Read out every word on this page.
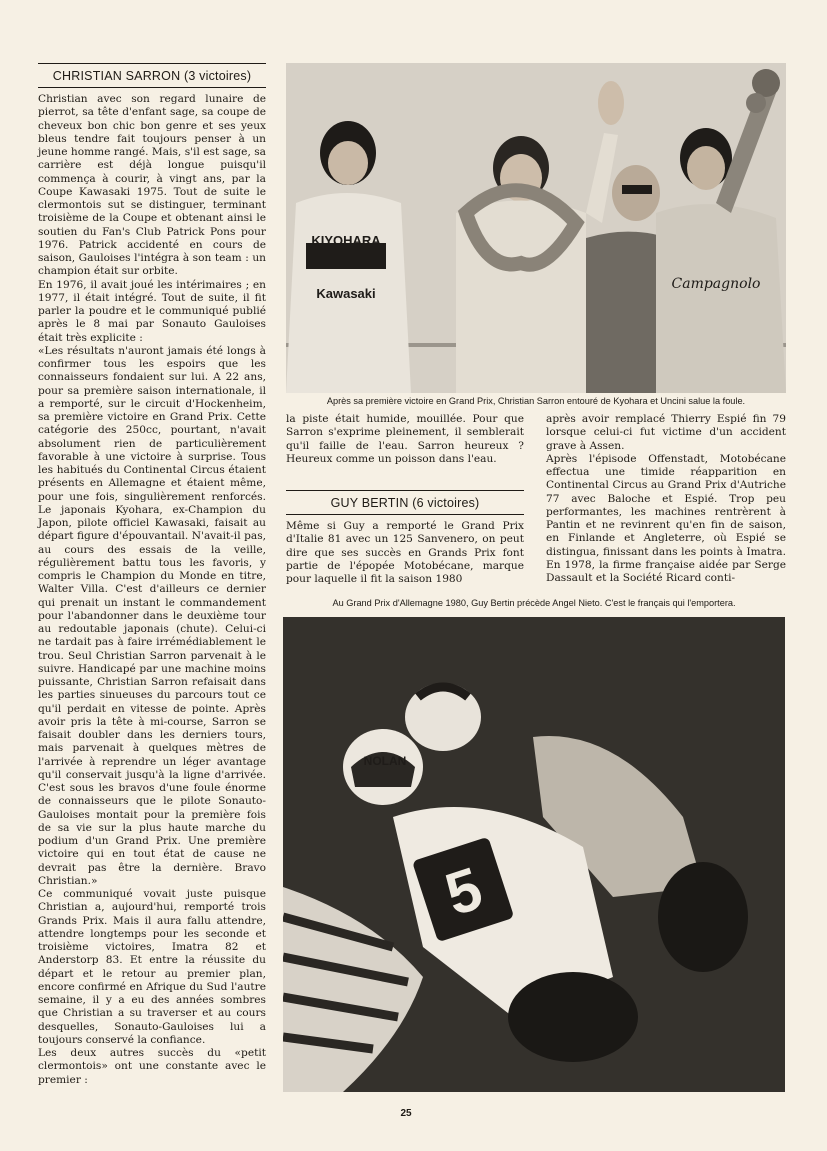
CHRISTIAN SARRON (3 victoires)

Christian avec son regard lunaire de pierrot, sa tête d'enfant sage, sa coupe de cheveux bon chic bon genre et ses yeux bleus tendre fait toujours penser à un jeune homme rangé. Mais, s'il est sage, sa carrière est déjà longue puisqu'il commença à courir, à vingt ans, par la Coupe Kawasaki 1975. Tout de suite le clermontois sut se distinguer, terminant troisième de la Coupe et obtenant ainsi le soutien du Fan's Club Patrick Pons pour 1976. Patrick accidenté en cours de saison, Gauloises l'intégra à son team : un champion était sur orbite.

En 1976, il avait joué les intérimaires ; en 1977, il était intégré. Tout de suite, il fit parler la poudre et le communiqué publié après le 8 mai par Sonauto Gauloises était très explicite :

«Les résultats n'auront jamais été longs à confirmer tous les espoirs que les connaisseurs fondaient sur lui. A 22 ans, pour sa première saison internationale, il a remporté, sur le circuit d'Hockenheim, sa première victoire en Grand Prix. Cette catégorie des 250cc, pourtant, n'avait absolument rien de particulièrement favorable à une victoire à surprise. Tous les habitués du Continental Circus étaient présents en Allemagne et étaient même, pour une fois, singulièrement renforcés. Le japonais Kyohara, ex-Champion du Japon, pilote officiel Kawasaki, faisait au départ figure d'épouvantail. N'avait-il pas, au cours des essais de la veille, régulièrement battu tous les favoris, y compris le Champion du Monde en titre, Walter Villa. C'est d'ailleurs ce dernier qui prenait un instant le commandement pour l'abandonner dans le deuxième tour au redoutable japonais (chute). Celui-ci ne tardait pas à faire irrémédiablement le trou. Seul Christian Sarron parvenait à le suivre. Handicapé par une machine moins puissante, Christian Sarron refaisait dans les parties sinueuses du parcours tout ce qu'il perdait en vitesse de pointe. Après avoir pris la tête à mi-course, Sarron se faisait doubler dans les derniers tours, mais parvenait à quelques mètres de l'arrivée à reprendre un léger avantage qu'il conservait jusqu'à la ligne d'arrivée. C'est sous les bravos d'une foule énorme de connaisseurs que le pilote Sonauto-Gauloises montait pour la première fois de sa vie sur la plus haute marche du podium d'un Grand Prix. Une première victoire qui en tout état de cause ne devrait pas être la dernière. Bravo Christian.»

Ce communiqué vovait juste puisque Christian a, aujourd'hui, remporté trois Grands Prix. Mais il aura fallu attendre, attendre longtemps pour les seconde et troisième victoires, Imatra 82 et Anderstorp 83. Et entre la réussite du départ et le retour au premier plan, encore confirmé en Afrique du Sud l'autre semaine, il y a eu des années sombres que Christian a su traverser et au cours desquelles, Sonauto-Gauloises lui a toujours conservé la confiance.

Les deux autres succès du «petit clermontois» ont une constante avec le premier :

KIYOHARA
Kawasaki
Campagnolo
Après sa première victoire en Grand Prix, Christian Sarron entouré de Kyohara et Uncini salue la foule.

la piste était humide, mouillée. Pour que Sarron s'exprime pleinement, il semblerait qu'il faille de l'eau. Sarron heureux ? Heureux comme un poisson dans l'eau.

GUY BERTIN (6 victoires)

Même si Guy a remporté le Grand Prix d'Italie 81 avec un 125 Sanvenero, on peut dire que ses succès en Grands Prix font partie de l'épopée Motobécane, marque pour laquelle il fit la saison 1980

après avoir remplacé Thierry Espié fin 79 lorsque celui-ci fut victime d'un accident grave à Assen.

Après l'épisode Offenstadt, Motobécane effectua une timide réapparition en Continental Circus au Grand Prix d'Autriche 77 avec Baloche et Espié. Trop peu performantes, les machines rentrèrent à Pantin et ne revinrent qu'en fin de saison, en Finlande et Angleterre, où Espié se distingua, finissant dans les points à Imatra. En 1978, la firme française aidée par Serge Dassault et la Société Ricard conti-

Au Grand Prix d'Allemagne 1980, Guy Bertin précède Angel Nieto. C'est le français qui l'emportera.
5
NOLAN
25
